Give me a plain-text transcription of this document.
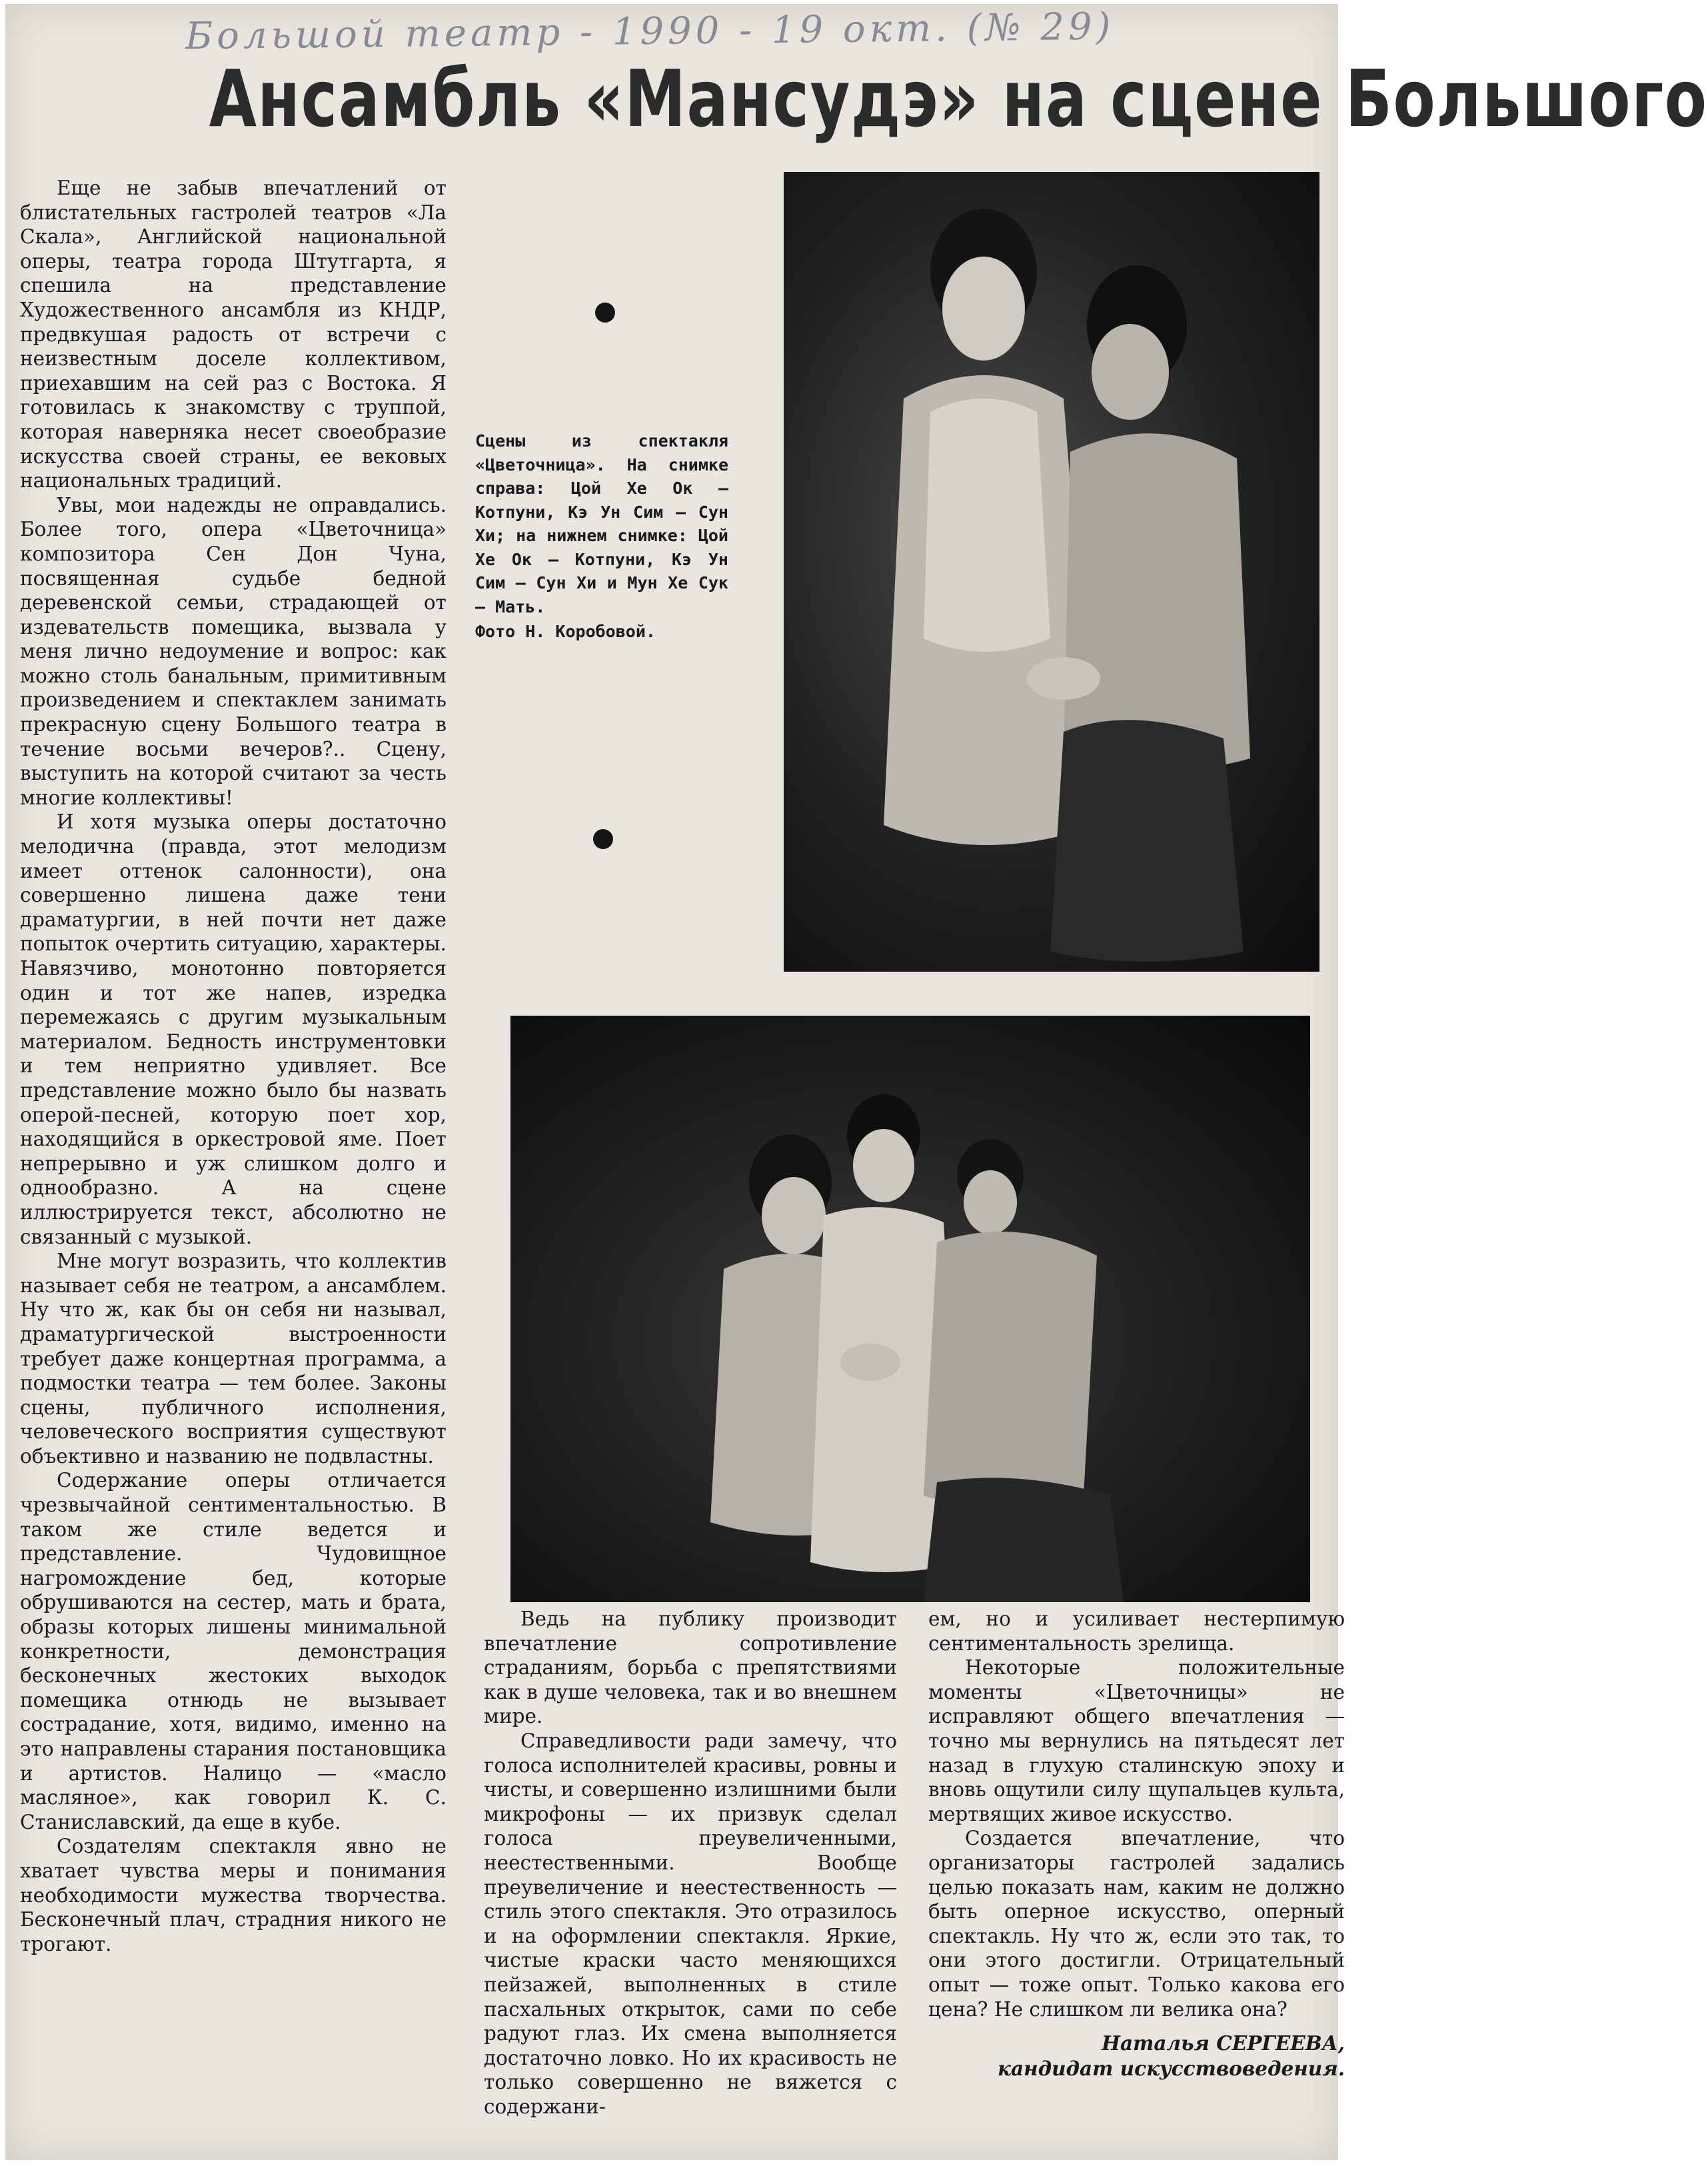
Большой театр - 1990 - 19 окт. (№ 29)
Ансамбль «Мансудэ» на сцене Большого

Еще не забыв впечатлений от блистательных гастролей театров «Ла Скала», Английской национальной оперы, театра города Штутгарта, я спешила на представление Художественного ансамбля из КНДР, предвкушая радость от встречи с неизвестным доселе коллективом, приехавшим на сей раз с Востока. Я готовилась к знакомству с труппой, которая наверняка несет своеобразие искусства своей страны, ее вековых национальных традиций.

Увы, мои надежды не оправдались. Более того, опера «Цветочница» композитора Сен Дон Чуна, посвященная судьбе бедной деревенской семьи, страдающей от издевательств помещика, вызвала у меня лично недоумение и вопрос: как можно столь банальным, примитивным произведением и спектаклем занимать прекрасную сцену Большого театра в течение восьми вечеров?.. Сцену, выступить на которой считают за честь многие коллективы!

И хотя музыка оперы достаточно мелодична (правда, этот мелодизм имеет оттенок салонности), она совершенно лишена даже тени драматургии, в ней почти нет даже попыток очертить ситуацию, характеры. Навязчиво, монотонно повторяется один и тот же напев, изредка перемежаясь с другим музыкальным материалом. Бедность инструментовки и тем неприятно удивляет. Все представление можно было бы назвать оперой-песней, которую поет хор, находящийся в оркестровой яме. Поет непрерывно и уж слишком долго и однообразно. А на сцене иллюстрируется текст, абсолютно не связанный с музыкой.

Мне могут возразить, что коллектив называет себя не театром, а ансамблем. Ну что ж, как бы он себя ни называл, драматургической выстроенности требует даже концертная программа, а подмостки театра — тем более. Законы сцены, публичного исполнения, человеческого восприятия существуют объективно и названию не подвластны.

Содержание оперы отличается чрезвычайной сентиментальностью. В таком же стиле ведется и представление. Чудовищное нагромождение бед, которые обрушиваются на сестер, мать и брата, образы которых лишены минимальной конкретности, демонстрация бесконечных жестоких выходок помещика отнюдь не вызывает сострадание, хотя, видимо, именно на это направлены старания постановщика и артистов. Налицо — «масло масляное», как говорил К. С. Станиславский, да еще в кубе.

Создателям спектакля явно не хватает чувства меры и понимания необходимости мужества творчества. Бесконечный плач, страдния никого не трогают.

Сцены из спектакля «Цветочница». На снимке справа: Цой Хе Ок — Котпуни, Кэ Ун Сим — Сун Хи; на нижнем снимке: Цой Хе Ок — Котпуни, Кэ Ун Сим — Сун Хи и Мун Хе Сук — Мать.
Фото Н. Коробовой.

Ведь на публику производит впечатление сопротивление страданиям, борьба с препятствиями как в душе человека, так и во внешнем мире.

Справедливости ради замечу, что голоса исполнителей красивы, ровны и чисты, и совершенно излишними были микрофоны — их призвук сделал голоса преувеличенными, неестественными. Вообще преувеличение и неестественность — стиль этого спектакля. Это отразилось и на оформлении спектакля. Яркие, чистые краски часто меняющихся пейзажей, выполненных в стиле пасхальных открыток, сами по себе радуют глаз. Их смена выполняется достаточно ловко. Но их красивость не только совершенно не вяжется с содержани-

ем, но и усиливает нестерпимую сентиментальность зрелища.

Некоторые положительные моменты «Цветочницы» не исправляют общего впечатления — точно мы вернулись на пятьдесят лет назад в глухую сталинскую эпоху и вновь ощутили силу щупальцев культа, мертвящих живое искусство.

Создается впечатление, что организаторы гастролей задались целью показать нам, каким не должно быть оперное искусство, оперный спектакль. Ну что ж, если это так, то они этого достигли. Отрицательный опыт — тоже опыт. Только какова его цена? Не слишком ли велика она?

Наталья СЕРГЕЕВА,
кандидат искусствоведения.
